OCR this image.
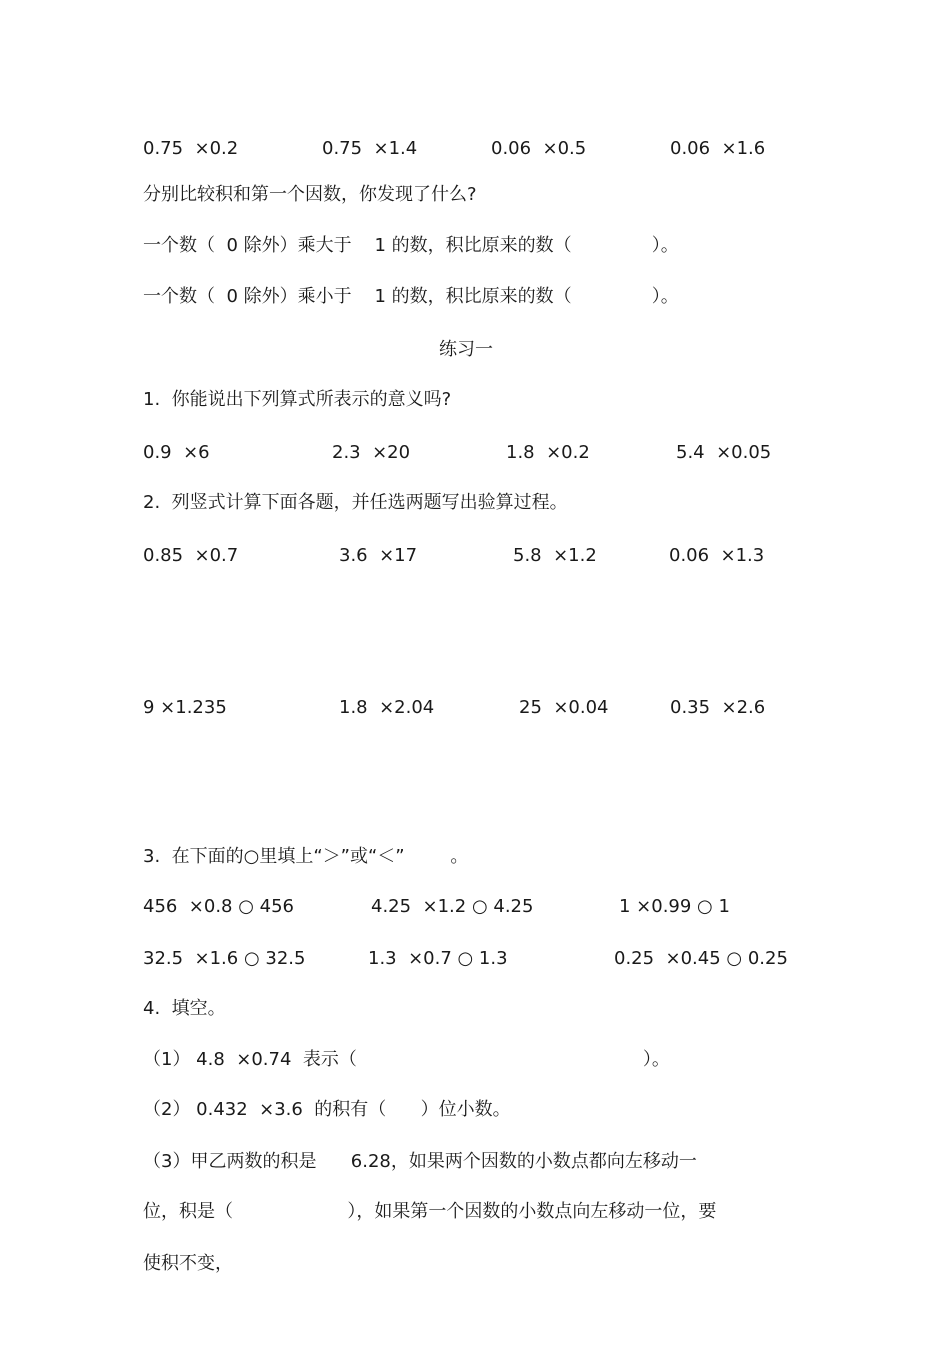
0.75  ×0.2	0.75  ×1.4	0.06  ×0.5	0.06  ×1.6
分别比较积和第一个因数，你发现了什么?
一个数（  0 除外）乘大于    1 的数，积比原来的数（              ）。
一个数（  0 除外）乘小于    1 的数，积比原来的数（              ）。
练习一
1.  你能说出下列算式所表示的意义吗?
0.9  ×6	2.3  ×20	1.8  ×0.2	5.4  ×0.05
2.  列竖式计算下面各题，并任选两题写出验算过程。
0.85  ×0.7	3.6  ×17	5.8  ×1.2	0.06  ×1.3
9 ×1.235	1.8  ×2.04	25  ×0.04	0.35  ×2.6
3.  在下面的○里填上“＞”或“＜”        。
456  ×0.8 ○ 456	4.25  ×1.2 ○ 4.25	1 ×0.99 ○ 1
32.5  ×1.6 ○ 32.5	1.3  ×0.7 ○ 1.3	0.25  ×0.45 ○ 0.25
4.  填空。
（1） 4.8  ×0.74  表示（                                                  ）。
（2） 0.432  ×3.6  的积有（      ）位小数。
（3）甲乙两数的积是      6.28，如果两个因数的小数点都向左移动一
位，积是（                    ），如果第一个因数的小数点向左移动一位，要
使积不变，
